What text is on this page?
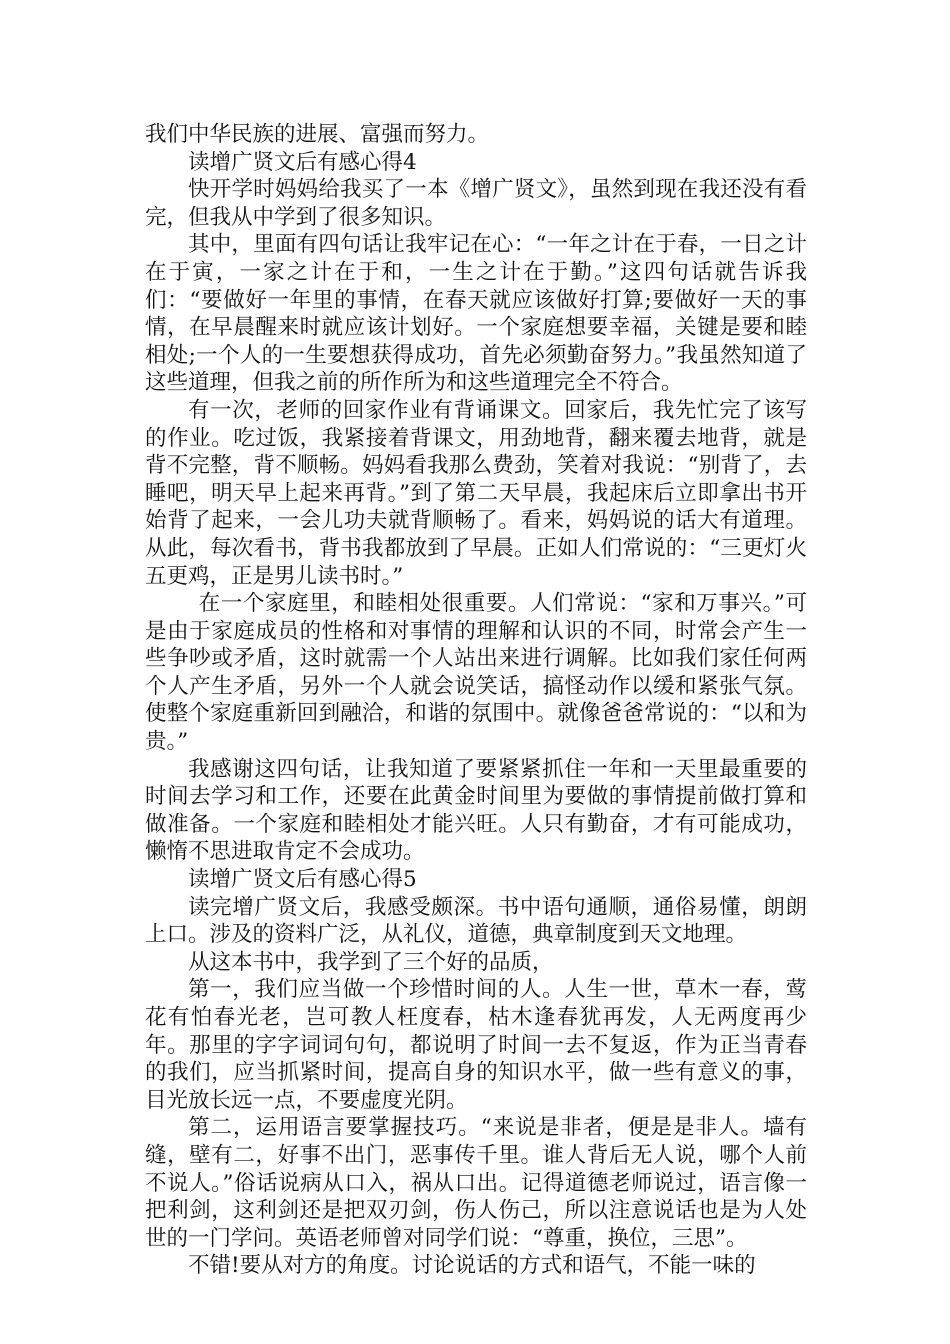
我们中华民族的进展、富强而努力。

读增广贤文后有感心得4

快开学时妈妈给我买了一本《增广贤文》，虽然到现在我还没有看完，但我从中学到了很多知识。

其中，里面有四句话让我牢记在心：“一年之计在于春，一日之计在于寅，一家之计在于和，一生之计在于勤。”这四句话就告诉我们：“要做好一年里的事情，在春天就应该做好打算;要做好一天的事情，在早晨醒来时就应该计划好。一个家庭想要幸福，关键是要和睦相处;一个人的一生要想获得成功，首先必须勤奋努力。”我虽然知道了这些道理，但我之前的所作所为和这些道理完全不符合。

有一次，老师的回家作业有背诵课文。回家后，我先忙完了该写的作业。吃过饭，我紧接着背课文，用劲地背，翻来覆去地背，就是背不完整，背不顺畅。妈妈看我那么费劲，笑着对我说：“别背了，去睡吧，明天早上起来再背。”到了第二天早晨，我起床后立即拿出书开始背了起来，一会儿功夫就背顺畅了。看来，妈妈说的话大有道理。从此，每次看书，背书我都放到了早晨。正如人们常说的：“三更灯火五更鸡，正是男儿读书时。”

在一个家庭里，和睦相处很重要。人们常说：“家和万事兴。”可是由于家庭成员的性格和对事情的理解和认识的不同，时常会产生一些争吵或矛盾，这时就需一个人站出来进行调解。比如我们家任何两个人产生矛盾，另外一个人就会说笑话，搞怪动作以缓和紧张气氛。使整个家庭重新回到融洽，和谐的氛围中。就像爸爸常说的：“以和为贵。”

我感谢这四句话，让我知道了要紧紧抓住一年和一天里最重要的时间去学习和工作，还要在此黄金时间里为要做的事情提前做打算和做准备。一个家庭和睦相处才能兴旺。人只有勤奋，才有可能成功，懒惰不思进取肯定不会成功。

读增广贤文后有感心得5

读完增广贤文后，我感受颇深。书中语句通顺，通俗易懂，朗朗上口。涉及的资料广泛，从礼仪，道德，典章制度到天文地理。

从这本书中，我学到了三个好的品质，

第一，我们应当做一个珍惜时间的人。人生一世，草木一春，莺花有怕春光老，岂可教人枉度春，枯木逢春犹再发，人无两度再少年。那里的字字词词句句，都说明了时间一去不复返，作为正当青春的我们，应当抓紧时间，提高自身的知识水平，做一些有意义的事，目光放长远一点，不要虚度光阴。

第二，运用语言要掌握技巧。“来说是非者，便是是非人。墙有缝，壁有二，好事不出门，恶事传千里。谁人背后无人说，哪个人前不说人。”俗话说病从口入，祸从口出。记得道德老师说过，语言像一把利剑，这利剑还是把双刃剑，伤人伤己，所以注意说话也是为人处世的一门学问。英语老师曾对同学们说：“尊重，换位，三思”。

不错!要从对方的角度。讨论说话的方式和语气，不能一味的
